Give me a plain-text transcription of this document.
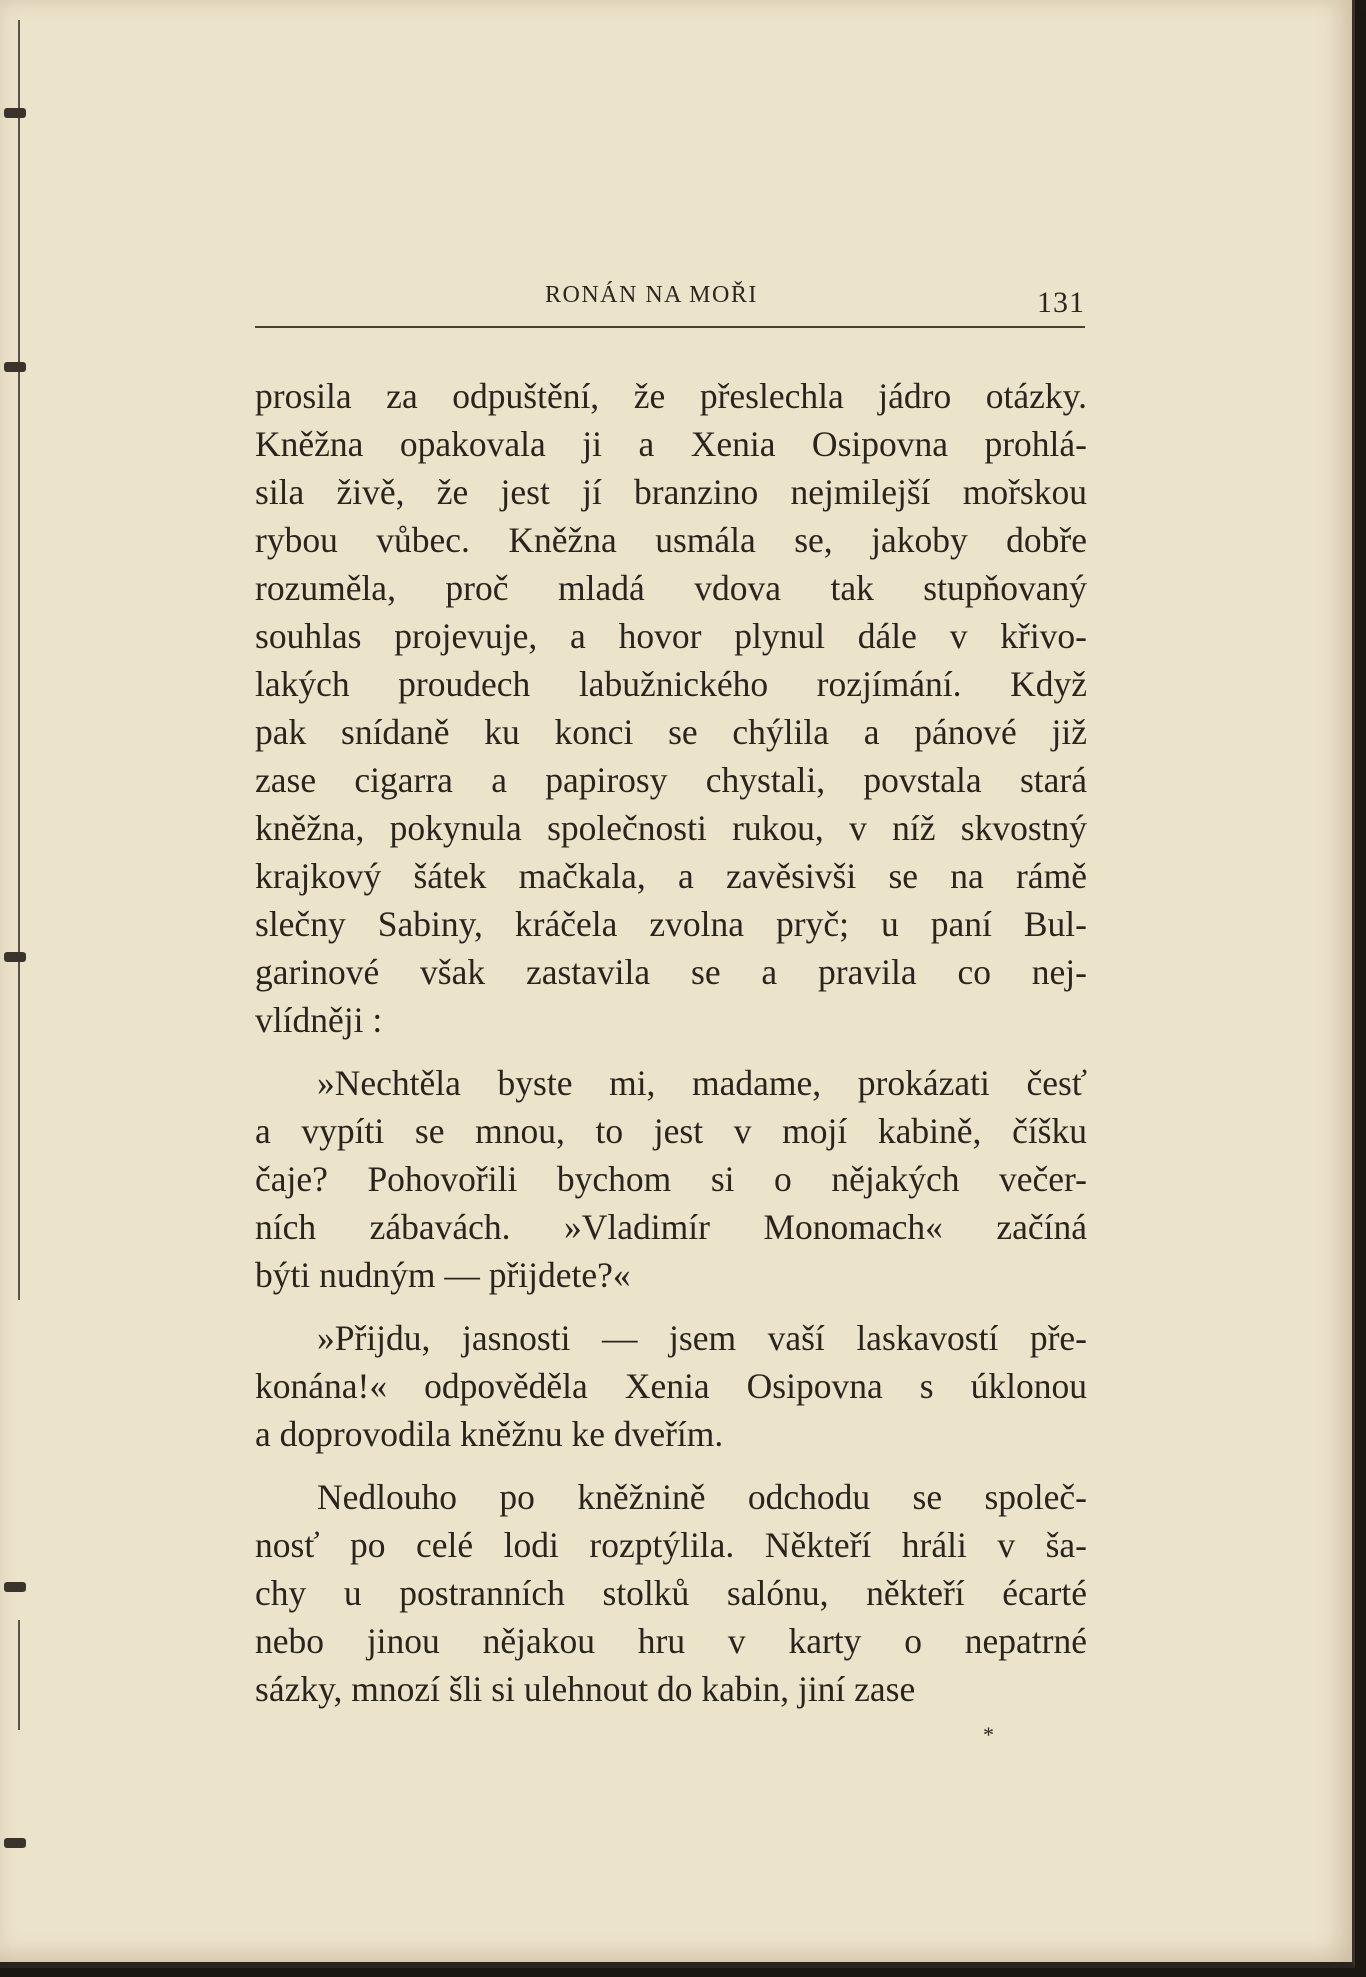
RONÁN NA MOŘI	131
prosila za odpuštění, že přeslechla jádro otázky.
Kněžna opakovala ji a Xenia Osipovna prohlá-
sila živě, že jest jí branzino nejmilejší mořskou
rybou vůbec. Kněžna usmála se, jakoby dobře
rozuměla, proč mladá vdova tak stupňovaný
souhlas projevuje, a hovor plynul dále v křivo-
lakých proudech labužnického rozjímání. Když
pak snídaně ku konci se chýlila a pánové již
zase cigarra a papirosy chystali, povstala stará
kněžna, pokynula společnosti rukou, v níž skvostný
krajkový šátek mačkala, a zavěsivši se na rámě
slečny Sabiny, kráčela zvolna pryč; u paní Bul-
garinové však zastavila se a pravila co nej-
vlídněji :
»Nechtěla byste mi, madame, prokázati česť
a vypíti se mnou, to jest v mojí kabině, číšku
čaje? Pohovořili bychom si o nějakých večer-
ních zábavách. »Vladimír Monomach« začíná
býti nudným — přijdete?«
»Přijdu, jasnosti — jsem vaší laskavostí pře-
konána!« odpověděla Xenia Osipovna s úklonou
a doprovodila kněžnu ke dveřím.
Nedlouho po kněžnině odchodu se společ-
nosť po celé lodi rozptýlila. Někteří hráli v ša-
chy u postranních stolků salónu, někteří écarté
nebo jinou nějakou hru v karty o nepatrné
sázky, mnozí šli si ulehnout do kabin, jiní zase
*
